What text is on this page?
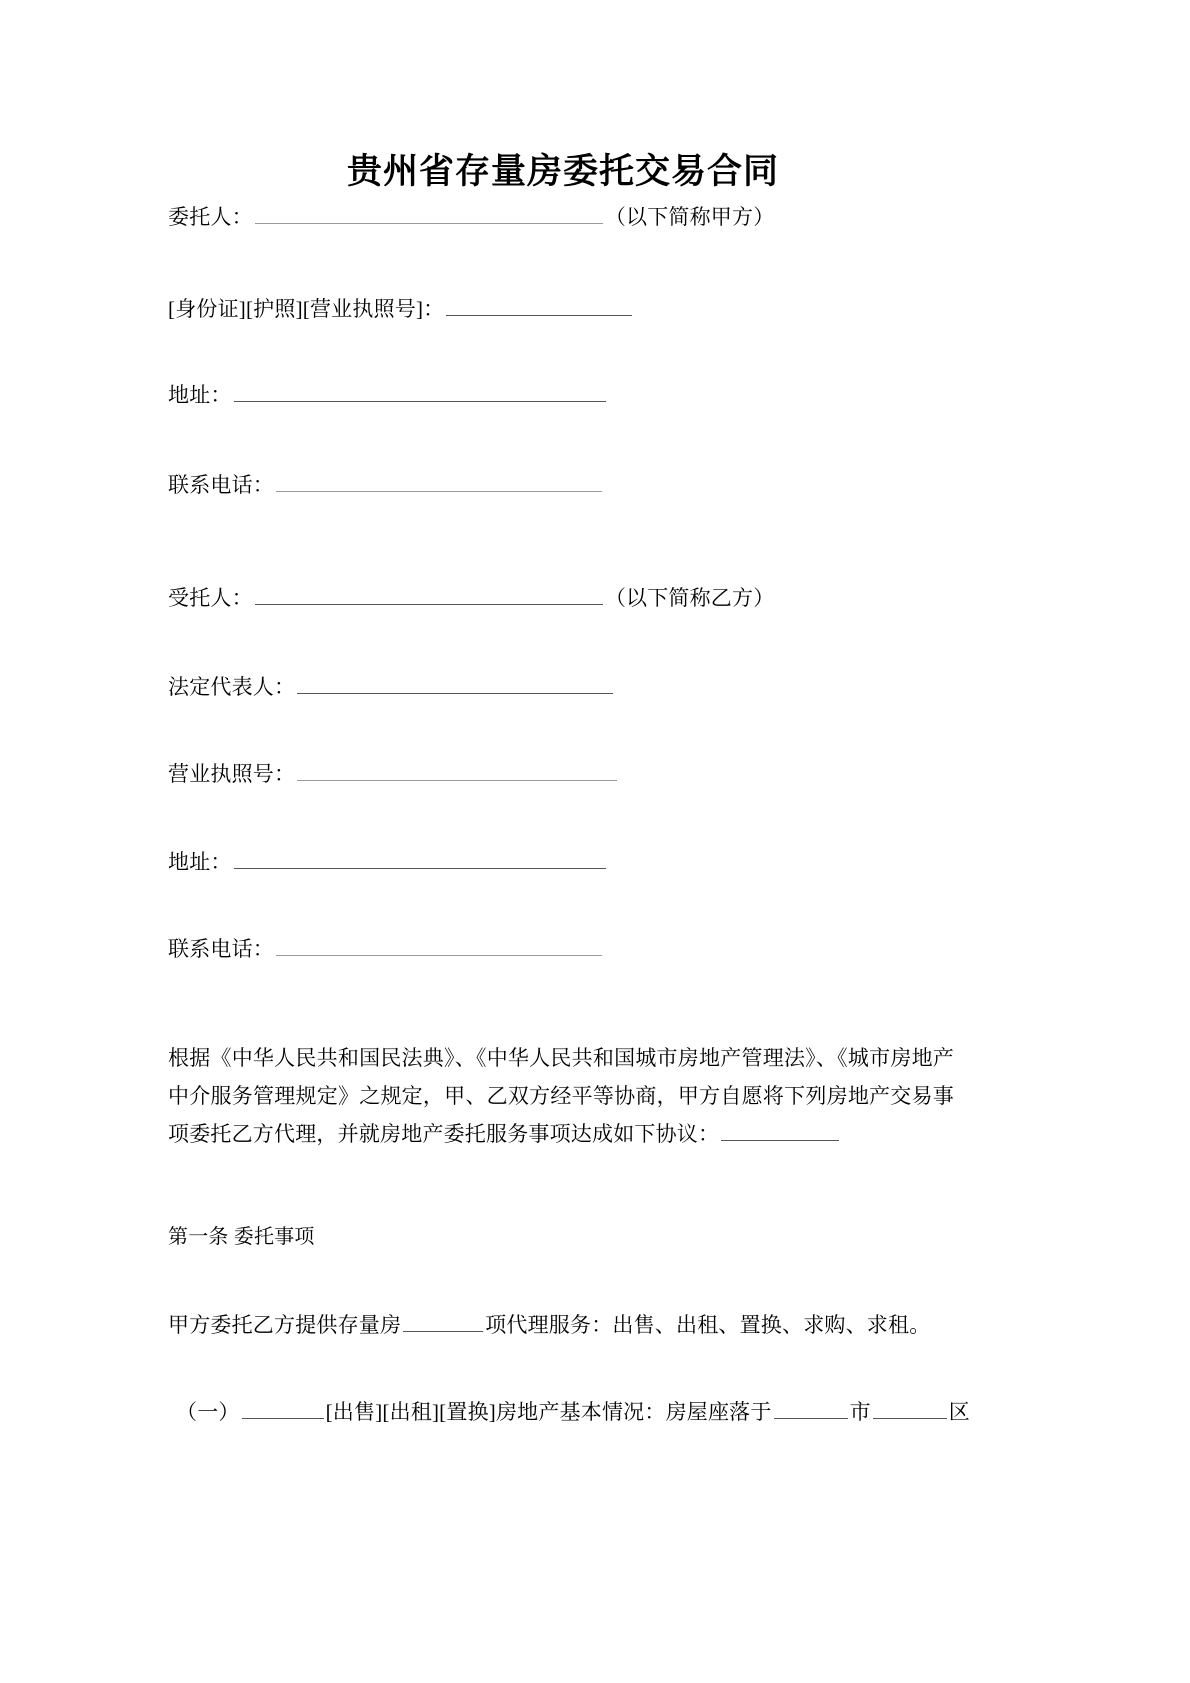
贵州省存量房委托交易合同
委托人：	（以下简称甲方）
[身份证][护照][营业执照号]：
地址：
联系电话：
受托人：	（以下简称乙方）
法定代表人：
营业执照号：
地址：
联系电话：
根据《中华人民共和国民法典》、《中华人民共和国城市房地产管理法》、《城市房地产中介服务管理规定》之规定，甲、乙双方经平等协商，甲方自愿将下列房地产交易事项委托乙方代理，并就房地产委托服务事项达成如下协议：
第一条 委托事项
甲方委托乙方提供存量房	项代理服务：出售、出租、置换、求购、求租。
（一）	[出售][出租][置换]房地产基本情况：房屋座落于	市	区
